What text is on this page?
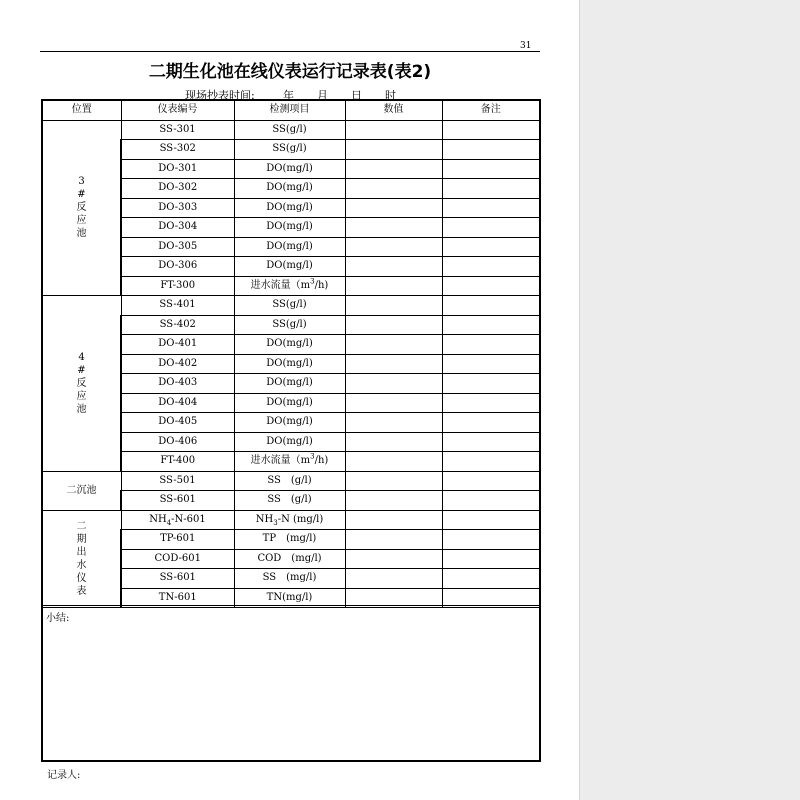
31
二期生化池在线仪表运行记录表(表2)
现场抄表时间:	年 月 日 时
位置	仪表编号	检测项目	数值	备注
3#反应池	SS-301	SS(g/l)		
	SS-302	SS(g/l)		
	DO-301	DO(mg/l)		
	DO-302	DO(mg/l)		
	DO-303	DO(mg/l)		
	DO-304	DO(mg/l)		
	DO-305	DO(mg/l)		
	DO-306	DO(mg/l)		
	FT-300	进水流量$(m^3/h)$		
4#反应池	SS-401	SS(g/l)		
	SS-402	SS(g/l)		
	DO-401	DO(mg/l)		
	DO-402	DO(mg/l)		
	DO-403	DO(mg/l)		
	DO-404	DO(mg/l)		
	DO-405	DO(mg/l)		
	DO-406	DO(mg/l)		
	FT-400	进水流量$(m^3/h)$		
二沉池	SS-501	SS　(g/l)		
	SS-601	SS　(g/l)		
二期出水仪表	$NH_4-N-601$	$NH_3-N$ (mg/l)		
	TP-601	TP　(mg/l)		
	COD-601	COD　(mg/l)		
	SS-601	SS　(mg/l)		
	TN-601	TN(mg/l)		
小结:
记录人:
